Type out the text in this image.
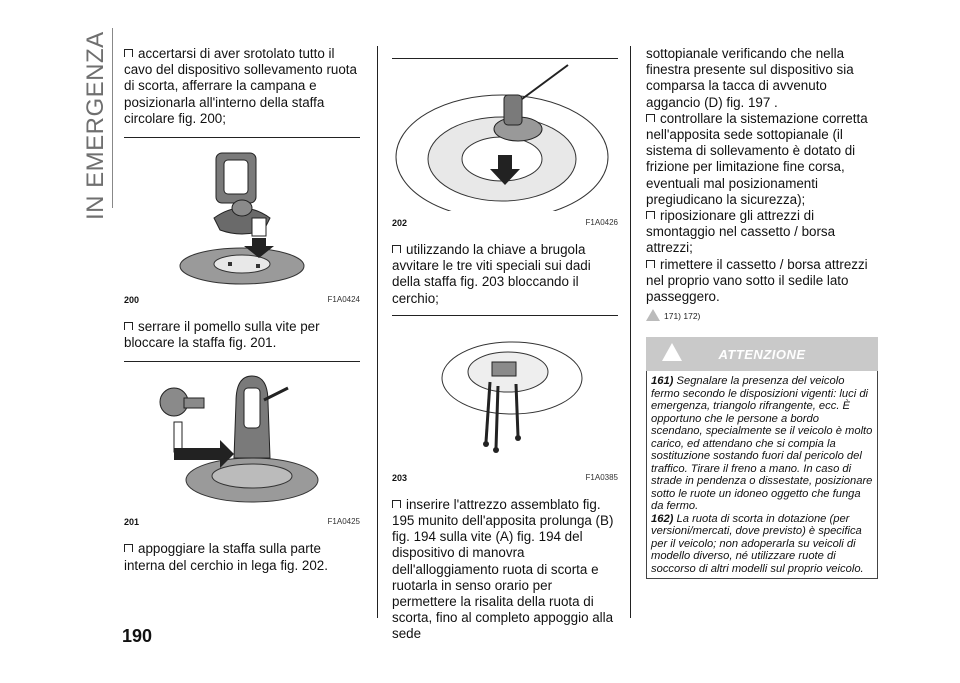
IN EMERGENZA
190

accertarsi di aver srotolato tutto il cavo del dispositivo sollevamento ruota di scorta, afferrare la campana e posizionarla all'interno della staffa circolare fig. 200;

200	F1A0424

serrare il pomello sulla vite per bloccare la staffa fig. 201.

201	F1A0425

appoggiare la staffa sulla parte interna del cerchio in lega fig. 202.

202	F1A0426

utilizzando la chiave a brugola avvitare le tre viti speciali sui dadi della staffa fig. 203 bloccando il cerchio;

203	F1A0385

inserire l'attrezzo assemblato fig. 195 munito dell'apposita prolunga (B) fig. 194 sulla vite (A) fig. 194 del dispositivo di manovra dell'alloggiamento ruota di scorta e ruotarla in senso orario per permettere la risalita della ruota di scorta, fino al completo appoggio alla sede

sottopianale verificando che nella finestra presente sul dispositivo sia comparsa la tacca di avvenuto aggancio (D) fig. 197 .

controllare la sistemazione corretta nell'apposita sede sottopianale (il sistema di sollevamento è dotato di frizione per limitazione fine corsa, eventuali mal posizionamenti pregiudicano la sicurezza);

riposizionare gli attrezzi di smontaggio nel cassetto / borsa attrezzi;

rimettere il cassetto / borsa attrezzi nel proprio vano sotto il sedile lato passeggero.

171) 172)
ATTENZIONE

161) Segnalare la presenza del veicolo fermo secondo le disposizioni vigenti: luci di emergenza, triangolo rifrangente, ecc. È opportuno che le persone a bordo scendano, specialmente se il veicolo è molto carico, ed attendano che si compia la sostituzione sostando fuori dal pericolo del traffico. Tirare il freno a mano. In caso di strade in pendenza o dissestate, posizionare sotto le ruote un idoneo oggetto che funga da fermo.

162) La ruota di scorta in dotazione (per versioni/mercati, dove previsto) è specifica per il veicolo; non adoperarla su veicoli di modello diverso, né utilizzare ruote di soccorso di altri modelli sul proprio veicolo.
